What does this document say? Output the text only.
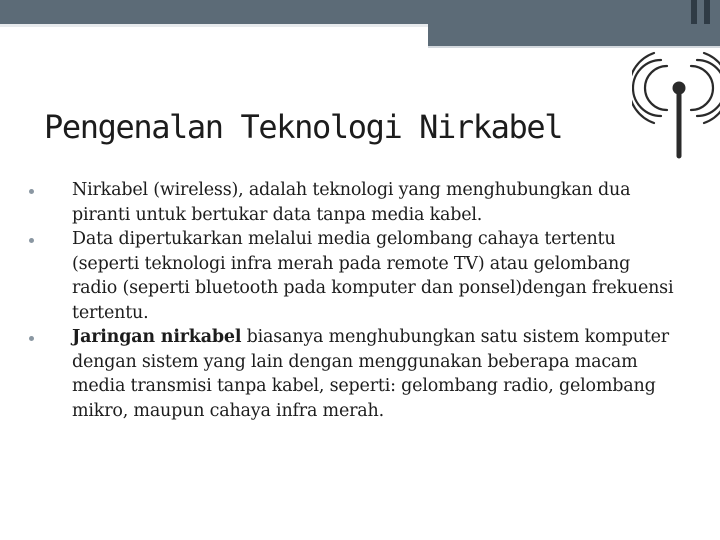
Pengenalan Teknologi Nirkabel
Nirkabel (wireless), adalah teknologi yang menghubungkan dua piranti untuk bertukar data tanpa media kabel.
Data dipertukarkan melalui media gelombang cahaya tertentu (seperti teknologi infra merah pada remote TV) atau gelombang radio (seperti bluetooth pada komputer dan ponsel)dengan frekuensi tertentu.
Jaringan nirkabel biasanya menghubungkan satu sistem komputer dengan sistem yang lain dengan menggunakan beberapa macam media transmisi tanpa kabel, seperti: gelombang radio, gelombang mikro, maupun cahaya infra merah.
